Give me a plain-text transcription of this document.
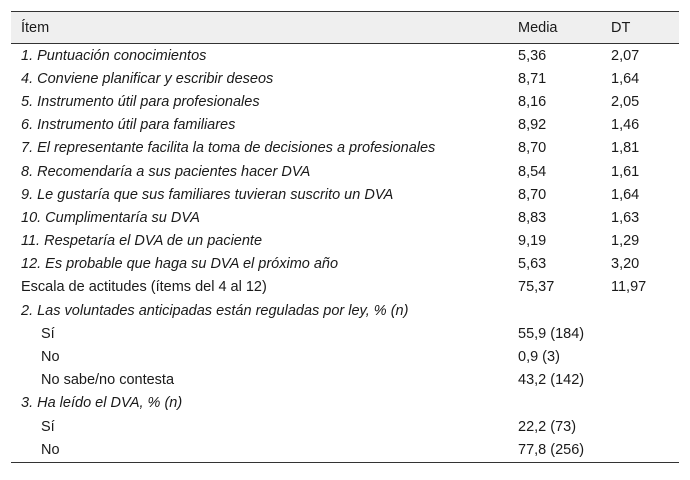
Ítem	Media	DT
1. Puntuación conocimientos	5,36	2,07
4. Conviene planificar y escribir deseos	8,71	1,64
5. Instrumento útil para profesionales	8,16	2,05
6. Instrumento útil para familiares	8,92	1,46
7. El representante facilita la toma de decisiones a profesionales	8,70	1,81
8. Recomendaría a sus pacientes hacer DVA	8,54	1,61
9. Le gustaría que sus familiares tuvieran suscrito un DVA	8,70	1,64
10. Cumplimentaría su DVA	8,83	1,63
11. Respetaría el DVA de un paciente	9,19	1,29
12. Es probable que haga su DVA el próximo año	5,63	3,20
Escala de actitudes (ítems del 4 al 12)	75,37	11,97
2. Las voluntades anticipadas están reguladas por ley, % (n)		
Sí	55,9 (184)	
No	0,9 (3)	
No sabe/no contesta	43,2 (142)	
3. Ha leído el DVA, % (n)		
Sí	22,2 (73)	
No	77,8 (256)	
